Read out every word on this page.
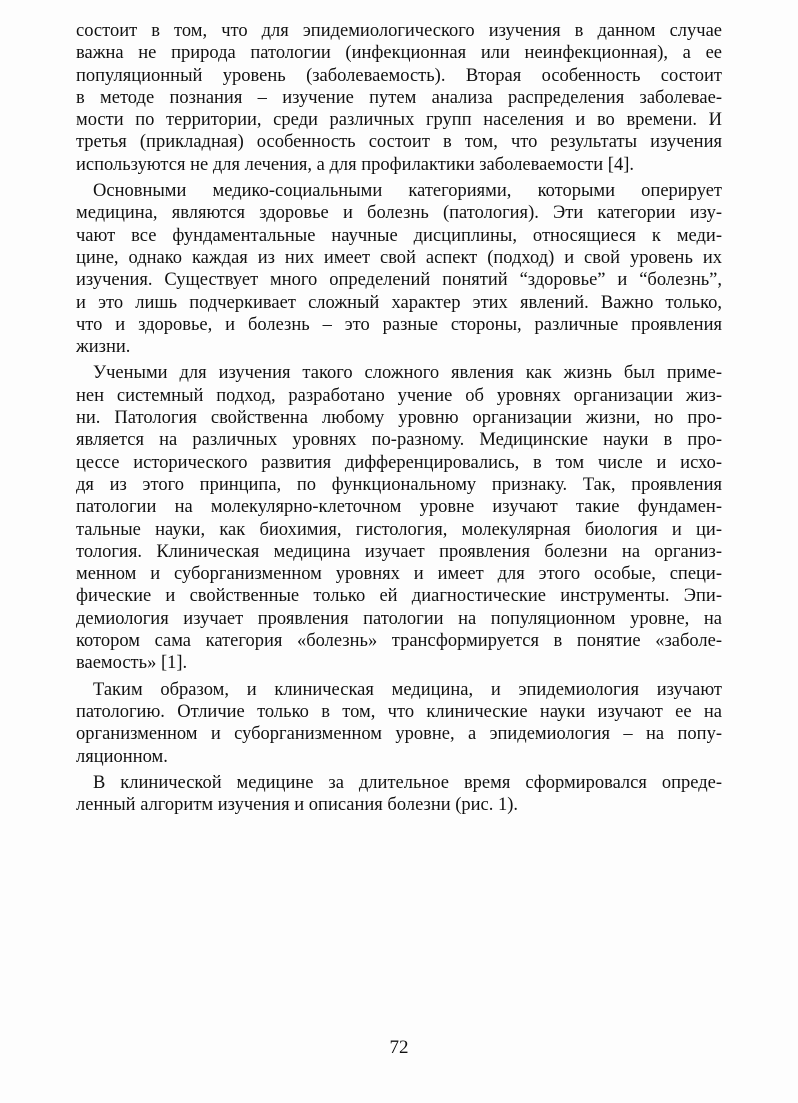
состоит в том, что для эпидемиологического изучения в данном случае
важна не природа патологии (инфекционная или неинфекционная), а ее
популяционный уровень (заболеваемость). Вторая особенность состоит
в методе познания – изучение путем анализа распределения заболевае-
мости по территории, среди различных групп населения и во времени. И
третья (прикладная) особенность состоит в том, что результаты изучения
используются не для лечения, а для профилактики заболеваемости [4].
Основными медико-социальными категориями, которыми оперирует
медицина, являются здоровье и болезнь (патология). Эти категории изу-
чают все фундаментальные научные дисциплины, относящиеся к меди-
цине, однако каждая из них имеет свой аспект (подход) и свой уровень их
изучения. Существует много определений понятий “здоровье” и “болезнь”,
и это лишь подчеркивает сложный характер этих явлений. Важно только,
что и здоровье, и болезнь – это разные стороны, различные проявления
жизни.
Учеными для изучения такого сложного явления как жизнь был приме-
нен системный подход, разработано учение об уровнях организации жиз-
ни. Патология свойственна любому уровню организации жизни, но про-
является на различных уровнях по-разному. Медицинские науки в про-
цессе исторического развития дифференцировались, в том числе и исхо-
дя из этого принципа, по функциональному признаку. Так, проявления
патологии на молекулярно-клеточном уровне изучают такие фундамен-
тальные науки, как биохимия, гистология, молекулярная биология и ци-
тология. Клиническая медицина изучает проявления болезни на организ-
менном и суборганизменном уровнях и имеет для этого особые, специ-
фические и свойственные только ей диагностические инструменты. Эпи-
демиология изучает проявления патологии на популяционном уровне, на
котором сама категория «болезнь» трансформируется в понятие «заболе-
ваемость» [1].
Таким образом, и клиническая медицина, и эпидемиология изучают
патологию. Отличие только в том, что клинические науки изучают ее на
организменном и суборганизменном уровне, а эпидемиология – на попу-
ляционном.
В клинической медицине за длительное время сформировался опреде-
ленный алгоритм изучения и описания болезни (рис. 1).
72
